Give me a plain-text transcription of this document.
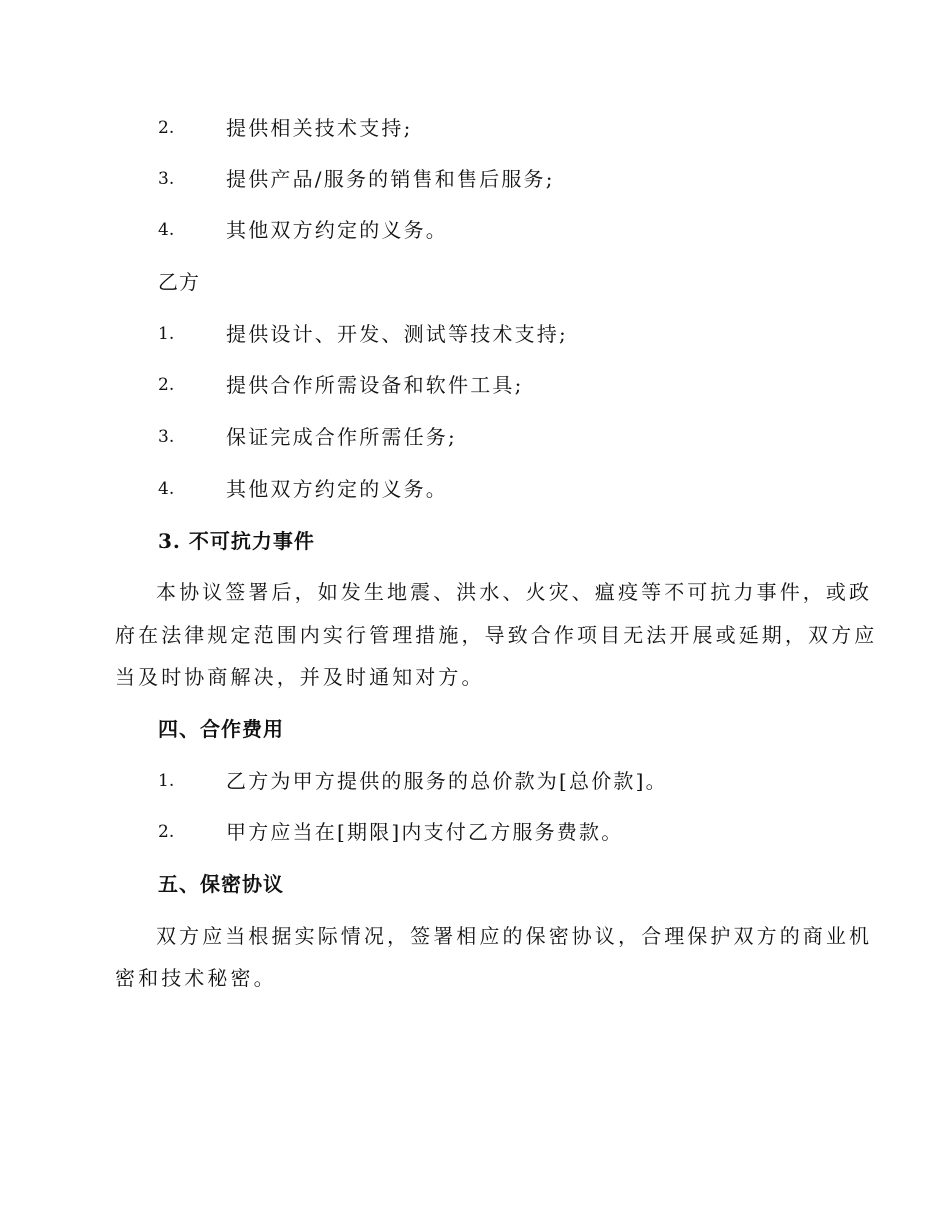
2.	提供相关技术支持;
3.	提供产品/服务的销售和售后服务;
4.	其他双方约定的义务。
乙方
1.	提供设计、开发、测试等技术支持;
2.	提供合作所需设备和软件工具;
3.	保证完成合作所需任务;
4.	其他双方约定的义务。
3. 不可抗力事件
本协议签署后，如发生地震、洪水、火灾、瘟疫等不可抗力事件，或政
府在法律规定范围内实行管理措施，导致合作项目无法开展或延期，双方应
当及时协商解决，并及时通知对方。
四、合作费用
1.	乙方为甲方提供的服务的总价款为[总价款]。
2.	甲方应当在[期限]内支付乙方服务费款。
五、保密协议
双方应当根据实际情况，签署相应的保密协议，合理保护双方的商业机
密和技术秘密。
